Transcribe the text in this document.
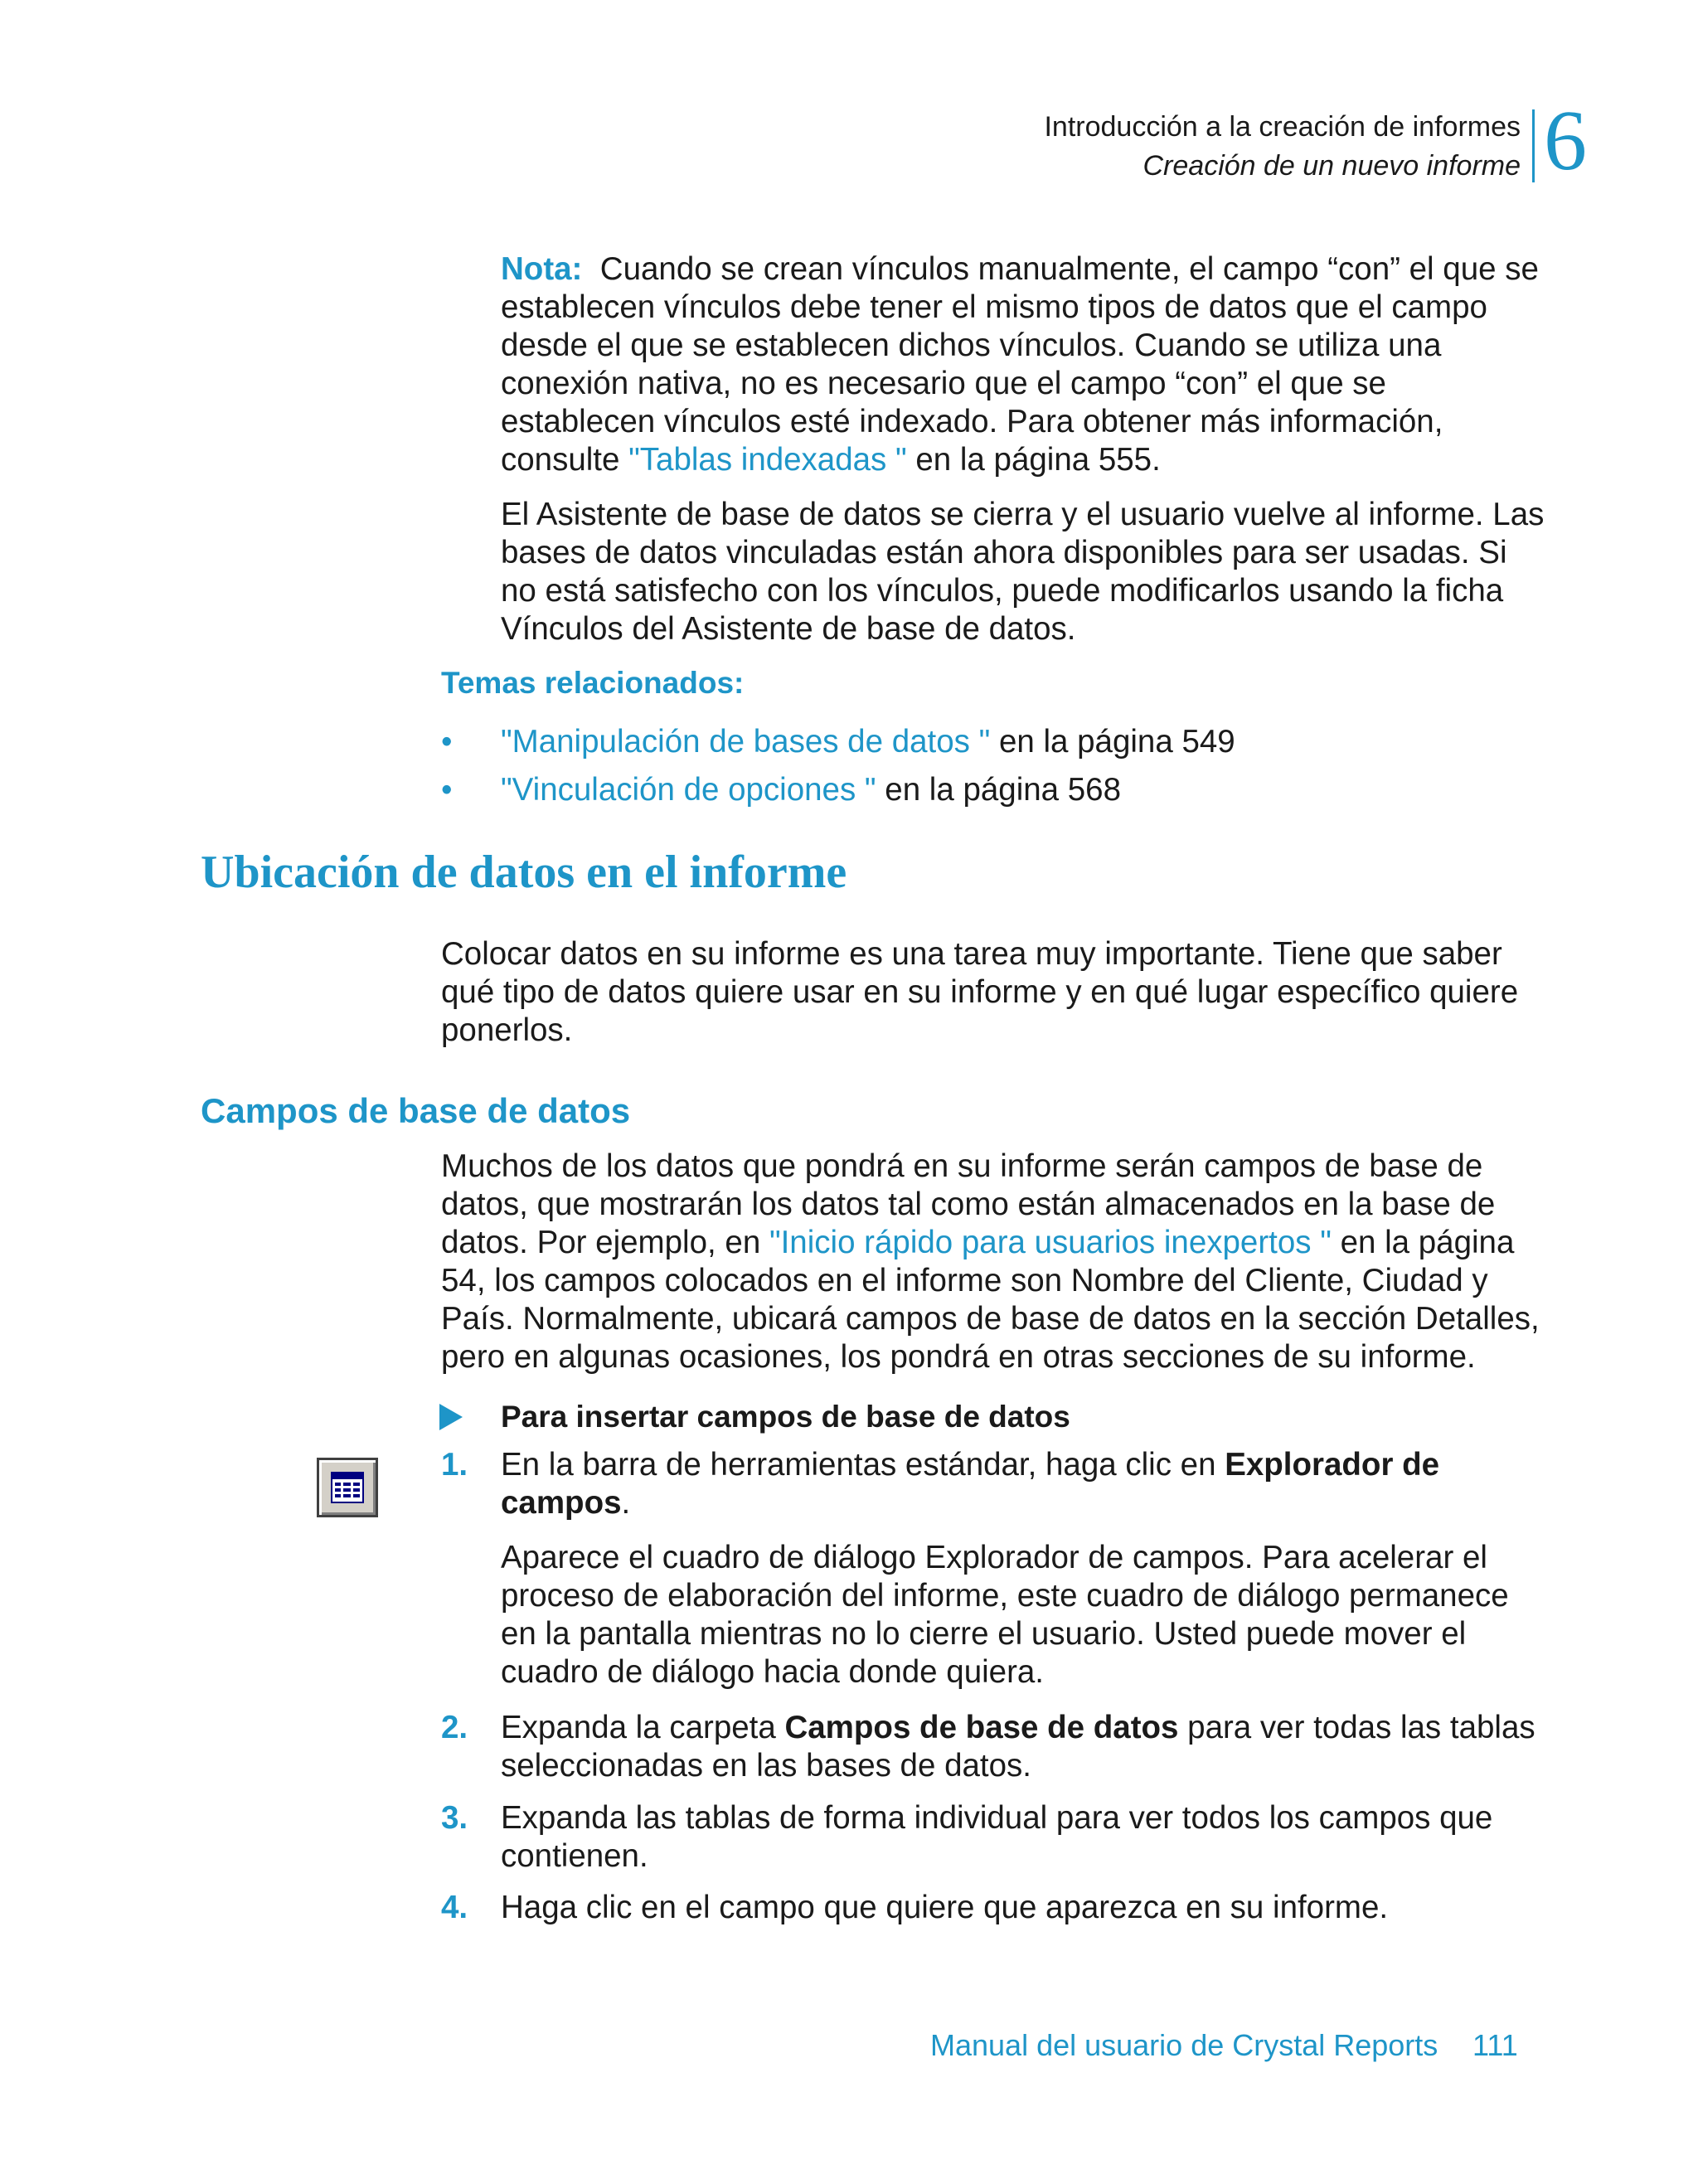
Introducción a la creación de informes
Creación de un nuevo informe 6

Nota: Cuando se crean vínculos manualmente, el campo “con” el que se establecen vínculos debe tener el mismo tipos de datos que el campo desde el que se establecen dichos vínculos. Cuando se utiliza una conexión nativa, no es necesario que el campo “con” el que se establecen vínculos esté indexado. Para obtener más información, consulte "Tablas indexadas " en la página 555.

El Asistente de base de datos se cierra y el usuario vuelve al informe. Las bases de datos vinculadas están ahora disponibles para ser usadas. Si no está satisfecho con los vínculos, puede modificarlos usando la ficha Vínculos del Asistente de base de datos.

Temas relacionados:
• "Manipulación de bases de datos " en la página 549
• "Vinculación de opciones " en la página 568
Ubicación de datos en el informe

Colocar datos en su informe es una tarea muy importante. Tiene que saber qué tipo de datos quiere usar en su informe y en qué lugar específico quiere ponerlos.

Campos de base de datos

Muchos de los datos que pondrá en su informe serán campos de base de datos, que mostrarán los datos tal como están almacenados en la base de datos. Por ejemplo, en "Inicio rápido para usuarios inexpertos " en la página 54, los campos colocados en el informe son Nombre del Cliente, Ciudad y País. Normalmente, ubicará campos de base de datos en la sección Detalles, pero en algunas ocasiones, los pondrá en otras secciones de su informe.

Para insertar campos de base de datos
1. En la barra de herramientas estándar, haga clic en Explorador de campos.
Aparece el cuadro de diálogo Explorador de campos. Para acelerar el proceso de elaboración del informe, este cuadro de diálogo permanece en la pantalla mientras no lo cierre el usuario. Usted puede mover el cuadro de diálogo hacia donde quiera.
2. Expanda la carpeta Campos de base de datos para ver todas las tablas seleccionadas en las bases de datos.
3. Expanda las tablas de forma individual para ver todos los campos que contienen.
4. Haga clic en el campo que quiere que aparezca en su informe.
Manual del usuario de Crystal Reports 111
